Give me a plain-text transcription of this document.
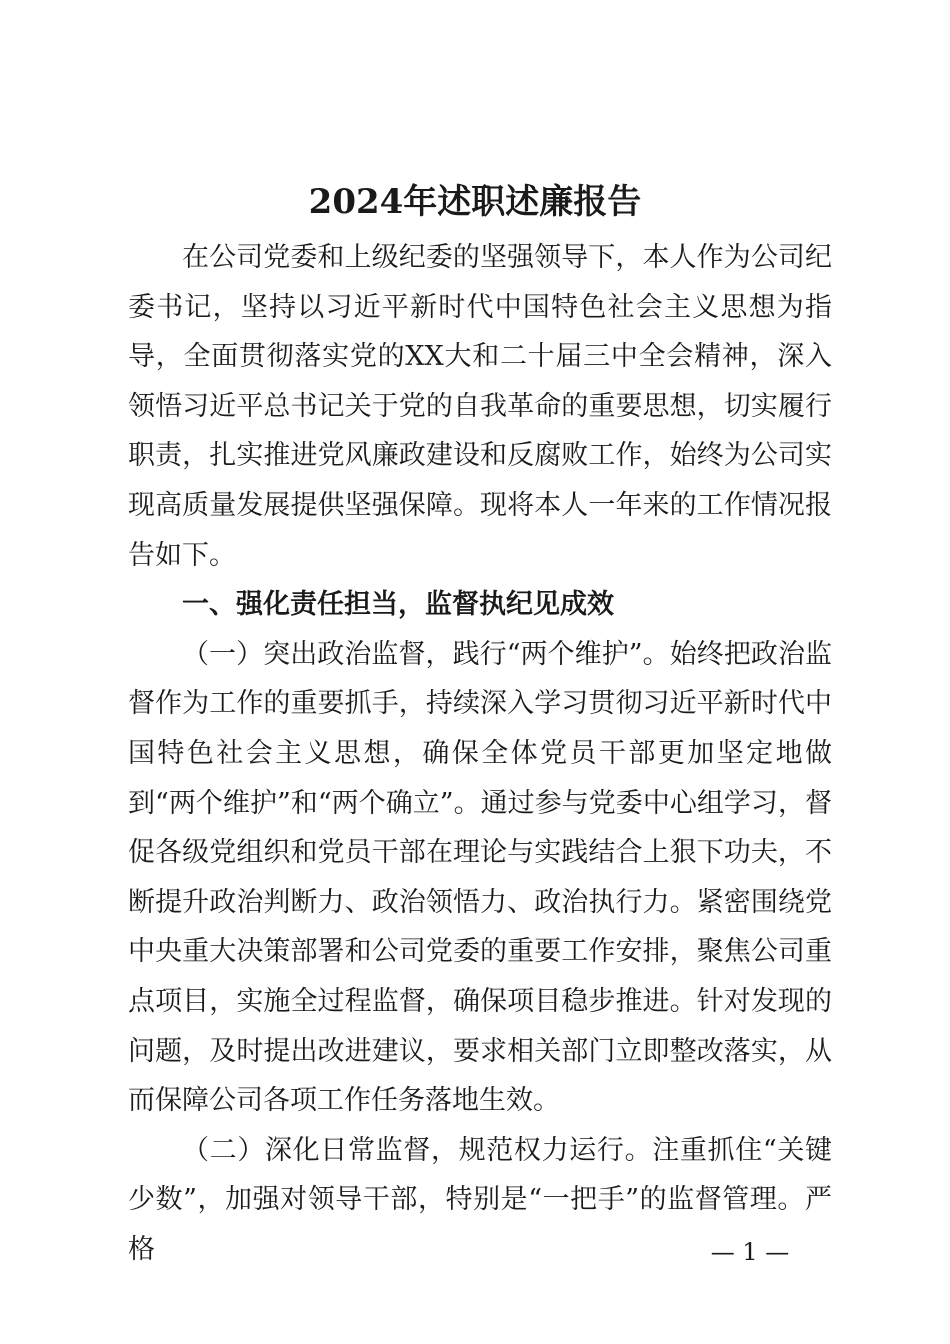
2024年述职述廉报告

在公司党委和上级纪委的坚强领导下，本人作为公司纪委书记，坚持以习近平新时代中国特色社会主义思想为指导，全面贯彻落实党的XX大和二十届三中全会精神，深入领悟习近平总书记关于党的自我革命的重要思想，切实履行职责，扎实推进党风廉政建设和反腐败工作，始终为公司实现高质量发展提供坚强保障。现将本人一年来的工作情况报告如下。

一、强化责任担当，监督执纪见成效

（一）突出政治监督，践行“两个维护”。始终把政治监督作为工作的重要抓手，持续深入学习贯彻习近平新时代中国特色社会主义思想，确保全体党员干部更加坚定地做到“两个维护”和“两个确立”。通过参与党委中心组学习，督促各级党组织和党员干部在理论与实践结合上狠下功夫，不断提升政治判断力、政治领悟力、政治执行力。紧密围绕党中央重大决策部署和公司党委的重要工作安排，聚焦公司重点项目，实施全过程监督，确保项目稳步推进。针对发现的问题，及时提出改进建议，要求相关部门立即整改落实，从而保障公司各项工作任务落地生效。

（二）深化日常监督，规范权力运行。注重抓住“关键少数”，加强对领导干部，特别是“一把手”的监督管理。严格	— 1 —
